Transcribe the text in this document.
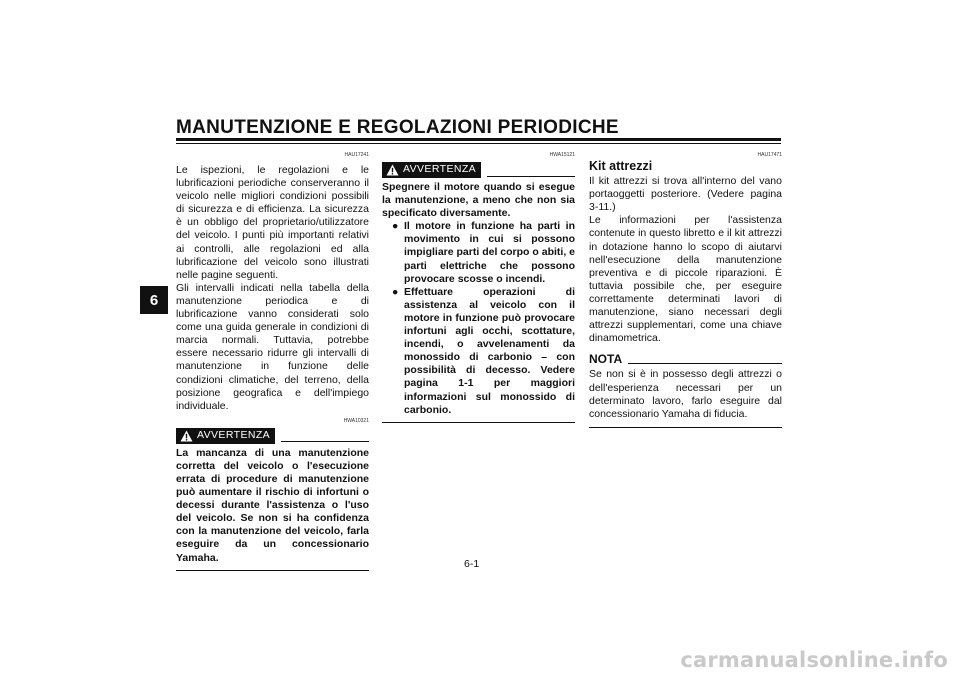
MANUTENZIONE E REGOLAZIONI PERIODICHE
6
HAU17241

Le ispezioni, le regolazioni e le lubrificazioni periodiche conserveranno il veicolo nelle migliori condizioni possibili di sicurezza e di efficienza. La sicurezza è un obbligo del proprietario/utilizzatore del veicolo. I punti più importanti relativi ai controlli, alle regolazioni ed alla lubrificazione del veicolo sono illustrati nelle pagine seguenti.

Gli intervalli indicati nella tabella della manutenzione periodica e di lubrificazione vanno considerati solo come una guida generale in condizioni di marcia normali. Tuttavia, potrebbe essere necessario ridurre gli intervalli di manutenzione in funzione delle condizioni climatiche, del terreno, della posizione geografica e dell'impiego individuale.

HWA10321
AVVERTENZA
La mancanza di una manutenzione corretta del veicolo o l'esecuzione errata di procedure di manutenzione può aumentare il rischio di infortuni o decessi durante l'assistenza o l'uso del veicolo. Se non si ha confidenza con la manutenzione del veicolo, farla eseguire da un concessionario Yamaha.
HWA15121
AVVERTENZA
Spegnere il motore quando si esegue la manutenzione, a meno che non sia specificato diversamente.
● Il motore in funzione ha parti in movimento in cui si possono impigliare parti del corpo o abiti, e parti elettriche che possono provocare scosse o incendi.
● Effettuare operazioni di assistenza al veicolo con il motore in funzione può provocare infortuni agli occhi, scottature, incendi, o avvelenamenti da monossido di carbonio – con possibilità di decesso. Vedere pagina 1-1 per maggiori informazioni sul monossido di carbonio.
HAU17471
Kit attrezzi

Il kit attrezzi si trova all'interno del vano portaoggetti posteriore. (Vedere pagina 3-11.)

Le informazioni per l'assistenza contenute in questo libretto e il kit attrezzi in dotazione hanno lo scopo di aiutarvi nell'esecuzione della manutenzione preventiva e di piccole riparazioni. È tuttavia possibile che, per eseguire correttamente determinati lavori di manutenzione, siano necessari degli attrezzi supplementari, come una chiave dinamometrica.

NOTA

Se non si è in possesso degli attrezzi o dell'esperienza necessari per un determinato lavoro, farlo eseguire dal concessionario Yamaha di fiducia.

6-1
carmanualsonline.info
